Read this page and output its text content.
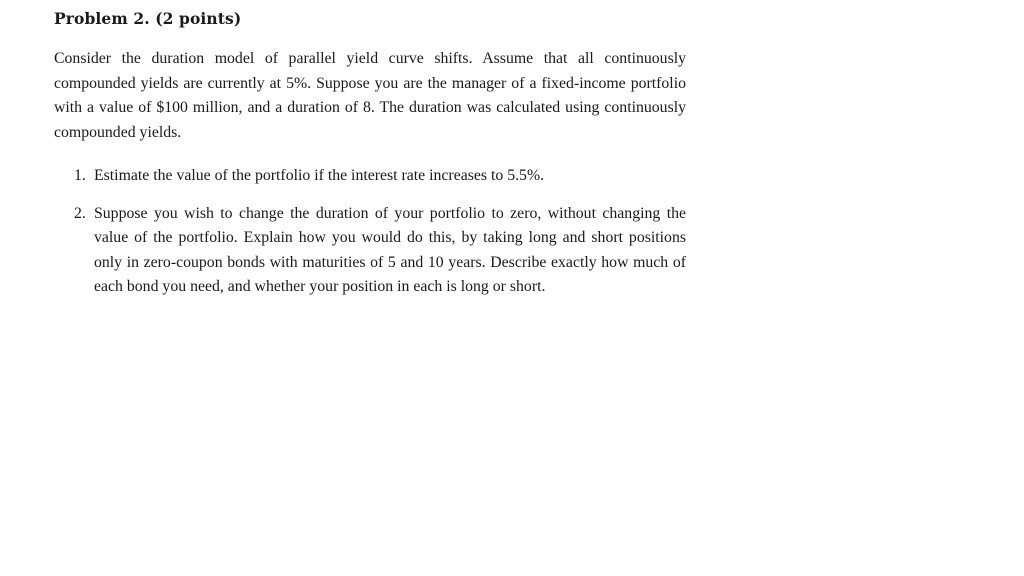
Problem 2. (2 points)

Consider the duration model of parallel yield curve shifts. Assume that all continuously compounded yields are currently at 5%. Suppose you are the manager of a fixed-income portfolio with a value of $100 million, and a duration of 8. The duration was calculated using continuously compounded yields.

1. Estimate the value of the portfolio if the interest rate increases to 5.5%.
2. Suppose you wish to change the duration of your portfolio to zero, without changing the value of the portfolio. Explain how you would do this, by taking long and short positions only in zero-coupon bonds with maturities of 5 and 10 years. Describe exactly how much of each bond you need, and whether your position in each is long or short.
